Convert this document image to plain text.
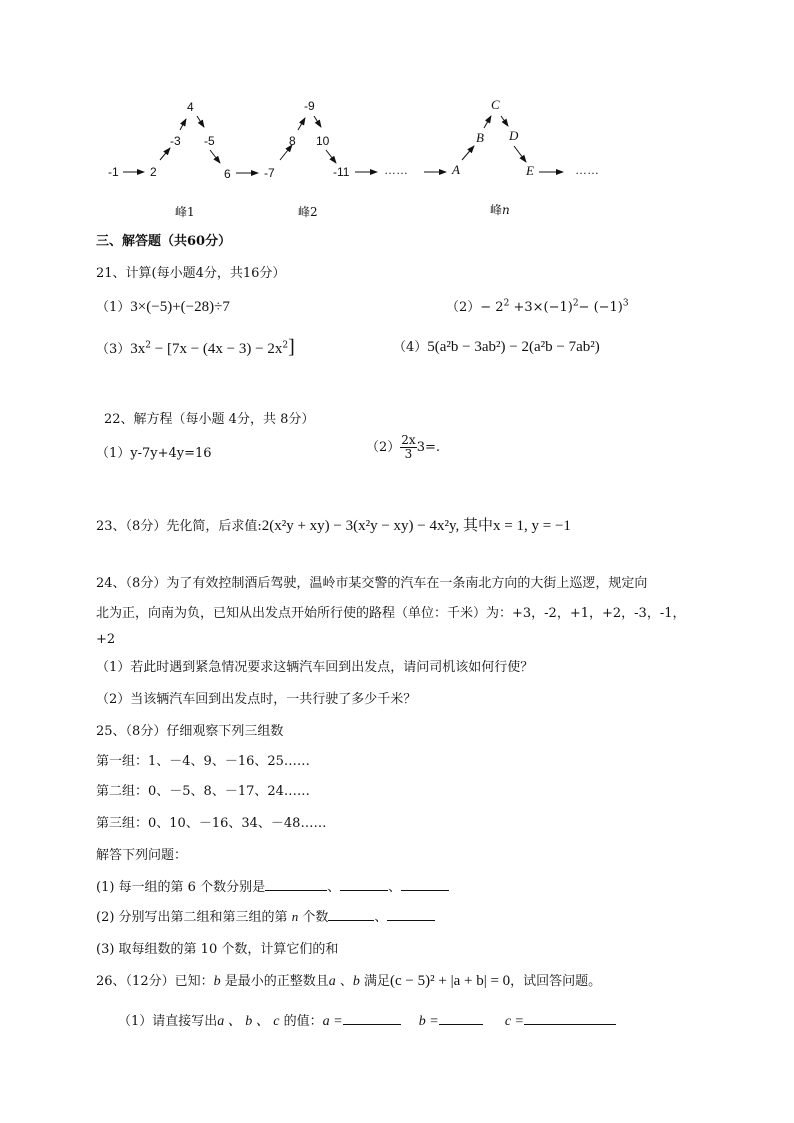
-1	2
-3
4
-5
6	-7
8
-9
10
-11	……	A
B
C
D
E	……
峰1	峰2	峰n
三、解答题（共60分）
21、计算(每小题4分，共16分）
（1）3×(−5)+(−28)÷7	$(2)- 2^2 +3\times(-1)^2- (-1)^3$
$(3)3x^2 - [7x - (4x - 3) - 2x^2]$	（4）5(a²b − 3ab²) − 2(a²b − 7ab²)
22、解方程（每小题 4分，共 8分）
（1）y-7y+4y=16	$(2) \frac{2x}{3} 3=$.
23、（8分）先化简，后求值:2(x²y + xy) − 3(x²y − xy) − 4x²y, 其中x = 1, y = −1
24、（8分）为了有效控制酒后驾驶，温岭市某交警的汽车在一条南北方向的大街上巡逻，规定向
北为正，向南为负，已知从出发点开始所行使的路程（单位：千米）为：+3，-2，+1，+2，-3，-1，
+2
（1）若此时遇到紧急情况要求这辆汽车回到出发点，请问司机该如何行使？
（2）当该辆汽车回到出发点时，一共行驶了多少千米？
25、（8分）仔细观察下列三组数
第一组：1、－4、9、－16、25……
第二组：0、－5、8、－17、24……
第三组：0、10、－16、34、－48……
解答下列问题：
(1) 每一组的第 6 个数分别是	、	、
(2) 分别写出第二组和第三组的第 n 个数	、
(3) 取每组数的第 10 个数，计算它们的和
26、（12分）已知：b 是最小的正整数且a 、b 满足(c − 5)² + |a + b| = 0，试回答问题。
（1）请直接写出a 、 b 、 c 的值：a =	b =	c =
